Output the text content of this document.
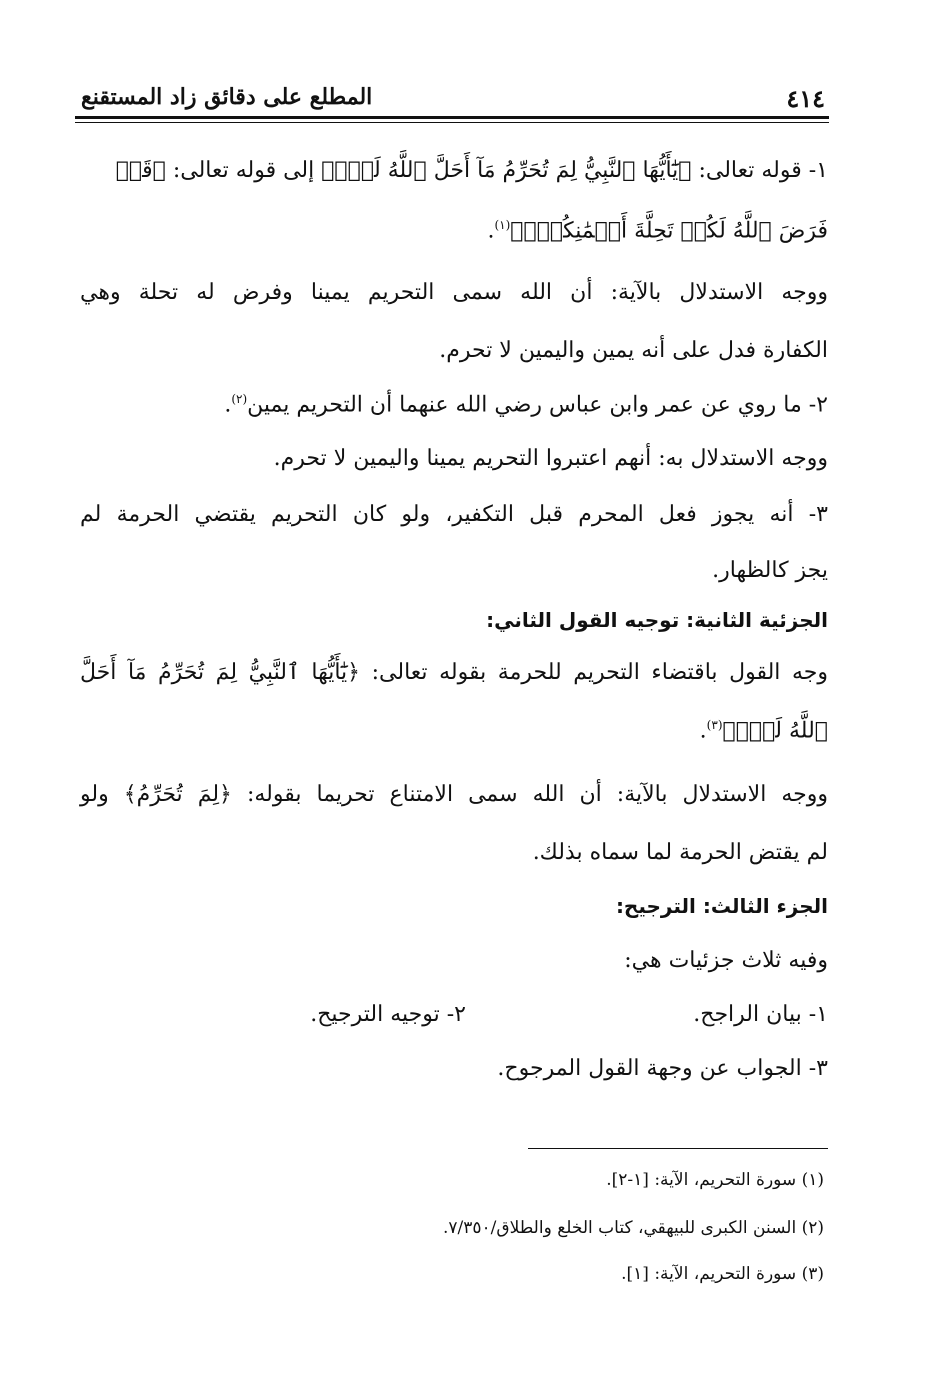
٤١٤
المطلع على دقائق زاد المستقنع
١- قوله تعالى: ﴿يَٰٓأَيُّهَا ٱلنَّبِيُّ لِمَ تُحَرِّمُ مَآ أَحَلَّ ٱللَّهُ لَكَۖ﴾ إلى قوله تعالى: ﴿قَدۡ
فَرَضَ ٱللَّهُ لَكُمۡ تَحِلَّةَ أَيۡمَٰنِكُمۡۚ﴾$^{(١)}$.
ووجه الاستدلال بالآية: أن الله سمى التحريم يمينا وفرض له تحلة وهي
الكفارة فدل على أنه يمين واليمين لا تحرم.
٢- ما روي عن عمر وابن عباس رضي الله عنهما أن التحريم يمين$^{(٢)}$.
ووجه الاستدلال به: أنهم اعتبروا التحريم يمينا واليمين لا تحرم.
٣- أنه يجوز فعل المحرم قبل التكفير، ولو كان التحريم يقتضي الحرمة لم
يجز كالظهار.
الجزئية الثانية: توجيه القول الثاني:
وجه القول باقتضاء التحريم للحرمة بقوله تعالى: ﴿يَٰٓأَيُّهَا ٱلنَّبِيُّ لِمَ تُحَرِّمُ مَآ أَحَلَّ
ٱللَّهُ لَكَۖ﴾$^{(٣)}$.
ووجه الاستدلال بالآية: أن الله سمى الامتناع تحريما بقوله: ﴿لِمَ تُحَرِّمُ﴾ ولو
لم يقتض الحرمة لما سماه بذلك.
الجزء الثالث: الترجيح:
وفيه ثلاث جزئيات هي:
١- بيان الراجح.
٢- توجيه الترجيح.
٣- الجواب عن وجهة القول المرجوح.
(١) سورة التحريم، الآية: [١-٢].
(٢) السنن الكبرى للبيهقي، كتاب الخلع والطلاق/٧/٣٥٠.
(٣) سورة التحريم، الآية: [١].
